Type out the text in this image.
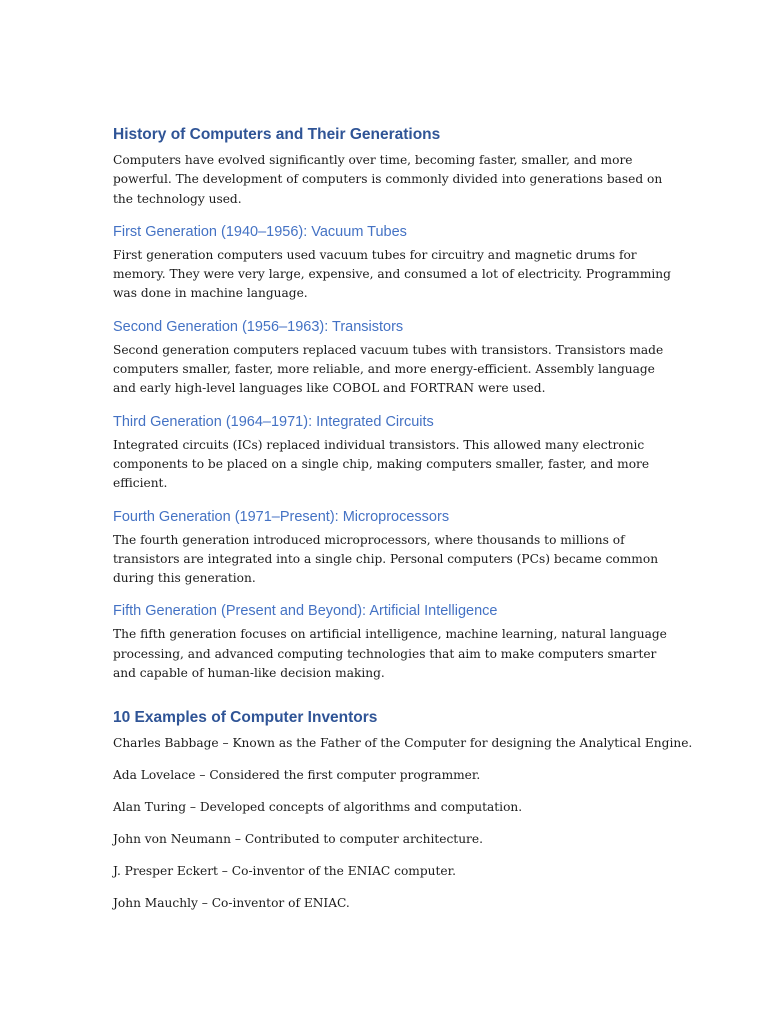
History of Computers and Their Generations

Computers have evolved significantly over time, becoming faster, smaller, and more powerful. The development of computers is commonly divided into generations based on the technology used.

First Generation (1940–1956): Vacuum Tubes

First generation computers used vacuum tubes for circuitry and magnetic drums for memory. They were very large, expensive, and consumed a lot of electricity. Programming was done in machine language.

Second Generation (1956–1963): Transistors

Second generation computers replaced vacuum tubes with transistors. Transistors made computers smaller, faster, more reliable, and more energy-efficient. Assembly language and early high-level languages like COBOL and FORTRAN were used.

Third Generation (1964–1971): Integrated Circuits

Integrated circuits (ICs) replaced individual transistors. This allowed many electronic components to be placed on a single chip, making computers smaller, faster, and more efficient.

Fourth Generation (1971–Present): Microprocessors

The fourth generation introduced microprocessors, where thousands to millions of transistors are integrated into a single chip. Personal computers (PCs) became common during this generation.

Fifth Generation (Present and Beyond): Artificial Intelligence

The fifth generation focuses on artificial intelligence, machine learning, natural language processing, and advanced computing technologies that aim to make computers smarter and capable of human-like decision making.

10 Examples of Computer Inventors

Charles Babbage – Known as the Father of the Computer for designing the Analytical Engine.

Ada Lovelace – Considered the first computer programmer.

Alan Turing – Developed concepts of algorithms and computation.

John von Neumann – Contributed to computer architecture.

J. Presper Eckert – Co-inventor of the ENIAC computer.

John Mauchly – Co-inventor of ENIAC.
